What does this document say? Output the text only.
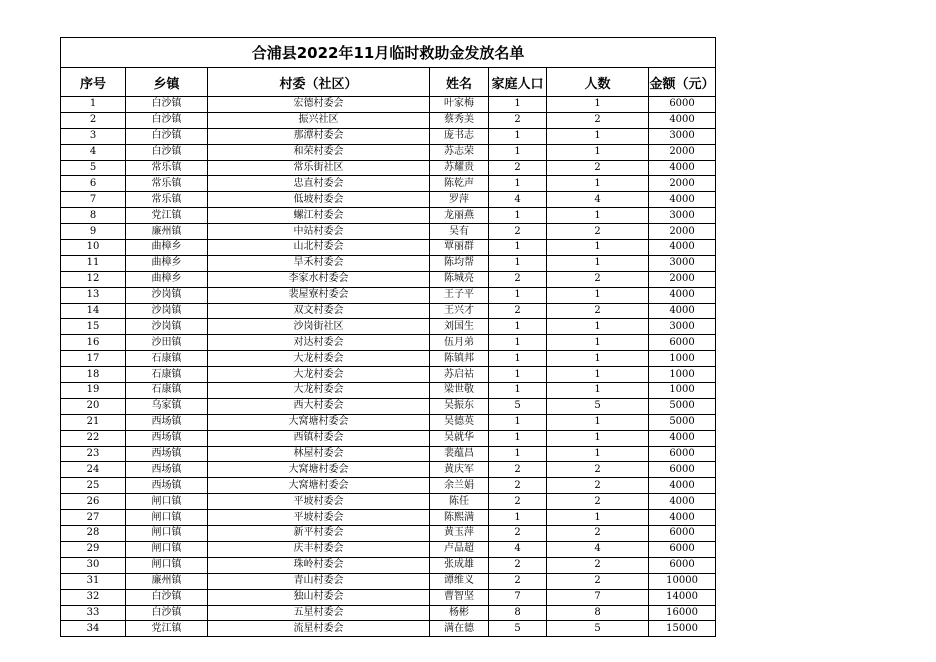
合浦县2022年11月临时救助金发放名单						
序号	乡镇	村委（社区）	姓名	家庭人口	人数	金额（元）
1	白沙镇	宏德村委会	叶家梅	1	1	6000
2	白沙镇	振兴社区	蔡秀美	2	2	4000
3	白沙镇	那潭村委会	庞书志	1	1	3000
4	白沙镇	和荣村委会	苏志荣	1	1	2000
5	常乐镇	常乐街社区	苏耀贵	2	2	4000
6	常乐镇	忠直村委会	陈乾声	1	1	2000
7	常乐镇	低坡村委会	罗萍	4	4	4000
8	党江镇	螺江村委会	龙丽燕	1	1	3000
9	廉州镇	中站村委会	吴有	2	2	2000
10	曲樟乡	山北村委会	覃丽群	1	1	4000
11	曲樟乡	旱禾村委会	陈均帮	1	1	3000
12	曲樟乡	李家水村委会	陈城亮	2	2	2000
13	沙岗镇	裴屋寮村委会	王子平	1	1	4000
14	沙岗镇	双文村委会	王兴才	2	2	4000
15	沙岗镇	沙岗街社区	刘国生	1	1	3000
16	沙田镇	对达村委会	伍月弟	1	1	6000
17	石康镇	大龙村委会	陈镇邦	1	1	1000
18	石康镇	大龙村委会	苏启祜	1	1	1000
19	石康镇	大龙村委会	梁世敬	1	1	1000
20	乌家镇	西大村委会	吴振东	5	5	5000
21	西场镇	大窝塘村委会	吴德英	1	1	5000
22	西场镇	西镇村委会	吴就华	1	1	4000
23	西场镇	林屋村委会	裴蕴昌	1	1	6000
24	西场镇	大窝塘村委会	黄庆军	2	2	6000
25	西场镇	大窝塘村委会	余兰娟	2	2	4000
26	闸口镇	平坡村委会	陈任	2	2	4000
27	闸口镇	平坡村委会	陈熙满	1	1	4000
28	闸口镇	新平村委会	黄玉萍	2	2	6000
29	闸口镇	庆丰村委会	卢品超	4	4	6000
30	闸口镇	珠岭村委会	张成雄	2	2	6000
31	廉州镇	青山村委会	谭维义	2	2	10000
32	白沙镇	独山村委会	曹智坚	7	7	14000
33	白沙镇	五星村委会	杨彬	8	8	16000
34	党江镇	流星村委会	满在德	5	5	15000
